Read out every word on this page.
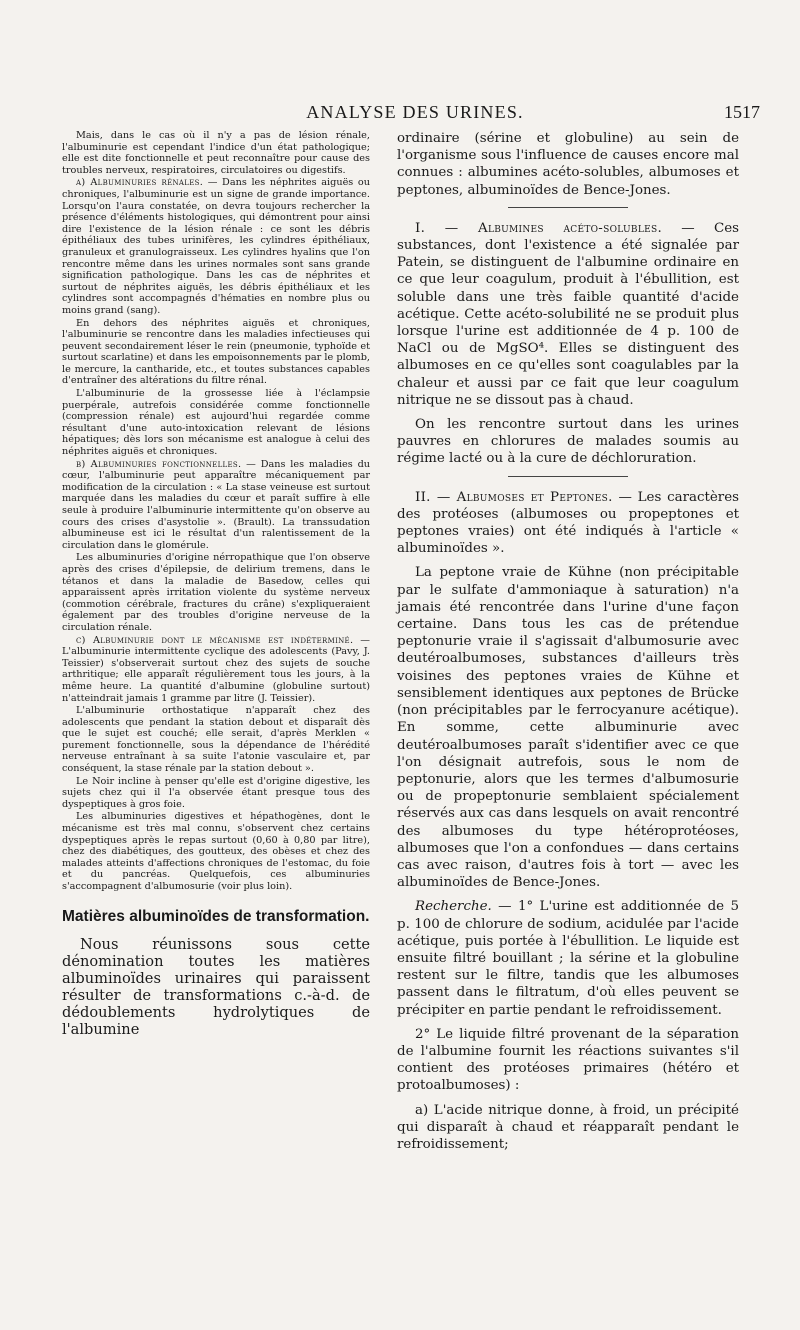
ANALYSE DES URINES.	1517

Mais, dans le cas où il n'y a pas de lésion rénale, l'albuminurie est cependant l'indice d'un état pathologique; elle est dite fonctionnelle et peut reconnaître pour cause des troubles nerveux, respiratoires, circulatoires ou digestifs.

a) Albuminuries rénales. — Dans les néphrites aiguës ou chroniques, l'albuminurie est un signe de grande importance. Lorsqu'on l'aura constatée, on devra toujours rechercher la présence d'éléments histologiques, qui démontrent pour ainsi dire l'existence de la lésion rénale : ce sont les débris épithéliaux des tubes urinifères, les cylindres épithéliaux, granuleux et granulograisseux. Les cylindres hyalins que l'on rencontre même dans les urines normales sont sans grande signification pathologique. Dans les cas de néphrites et surtout de néphrites aiguës, les débris épithéliaux et les cylindres sont accompagnés d'hématies en nombre plus ou moins grand (sang).

En dehors des néphrites aiguës et chroniques, l'albuminurie se rencontre dans les maladies infectieuses qui peuvent secondairement léser le rein (pneumonie, typhoïde et surtout scarlatine) et dans les empoisonnements par le plomb, le mercure, la cantharide, etc., et toutes substances capables d'entraîner des altérations du filtre rénal.

L'albuminurie de la grossesse liée à l'éclampsie puerpérale, autrefois considérée comme fonctionnelle (compression rénale) est aujourd'hui regardée comme résultant d'une auto-intoxication relevant de lésions hépatiques; dès lors son mécanisme est analogue à celui des néphrites aiguës et chroniques.

b) Albuminuries fonctionnelles. — Dans les maladies du cœur, l'albuminurie peut apparaître mécaniquement par modification de la circulation : « La stase veineuse est surtout marquée dans les maladies du cœur et paraît suffire à elle seule à produire l'albuminurie intermittente qu'on observe au cours des crises d'asystolie ». (Brault). La transsudation albumineuse est ici le résultat d'un ralentissement de la circulation dans le glomérule.

Les albuminuries d'origine nérropathique que l'on observe après des crises d'épilepsie, de delirium tremens, dans le tétanos et dans la maladie de Basedow, celles qui apparaissent après irritation violente du système nerveux (commotion cérébrale, fractures du crâne) s'expliqueraient également par des troubles d'origine nerveuse de la circulation rénale.

c) Albuminurie dont le mécanisme est indéterminé. — L'albuminurie intermittente cyclique des adolescents (Pavy, J. Teissier) s'observerait surtout chez des sujets de souche arthritique; elle apparaît régulièrement tous les jours, à la même heure. La quantité d'albumine (globuline surtout) n'atteindrait jamais 1 gramme par litre (J. Teissier).

L'albuminurie orthostatique n'apparaît chez des adolescents que pendant la station debout et disparaît dès que le sujet est couché; elle serait, d'après Merklen « purement fonctionnelle, sous la dépendance de l'hérédité nerveuse entraînant à sa suite l'atonie vasculaire et, par conséquent, la stase rénale par la station debout ».

Le Noir incline à penser qu'elle est d'origine digestive, les sujets chez qui il l'a observée étant presque tous des dyspeptiques à gros foie.

Les albuminuries digestives et hépathogènes, dont le mécanisme est très mal connu, s'observent chez certains dyspeptiques après le repas surtout (0,60 à 0,80 par litre), chez des diabétiques, des goutteux, des obèses et chez des malades atteints d'affections chroniques de l'estomac, du foie et du pancréas. Quelquefois, ces albuminuries s'accompagnent d'albumosurie (voir plus loin).

Matières albuminoïdes de transformation.

Nous réunissons sous cette dénomination toutes les matières albuminoïdes urinaires qui paraissent résulter de transformations c.-à-d. de dédoublements hydrolytiques de l'albumine

ordinaire (sérine et globuline) au sein de l'organisme sous l'influence de causes encore mal connues : albumines acéto-solubles, albumoses et peptones, albuminoïdes de Bence-Jones.

I. — Albumines acéto-solubles. — Ces substances, dont l'existence a été signalée par Patein, se distinguent de l'albumine ordinaire en ce que leur coagulum, produit à l'ébullition, est soluble dans une très faible quantité d'acide acétique. Cette acéto-solubilité ne se produit plus lorsque l'urine est additionnée de 4 p. 100 de NaCl ou de MgSO⁴. Elles se distinguent des albumoses en ce qu'elles sont coagulables par la chaleur et aussi par ce fait que leur coagulum nitrique ne se dissout pas à chaud.

On les rencontre surtout dans les urines pauvres en chlorures de malades soumis au régime lacté ou à la cure de déchloruration.

II. — Albumoses et Peptones. — Les caractères des protéoses (albumoses ou propeptones et peptones vraies) ont été indiqués à l'article « albuminoïdes ».

La peptone vraie de Kühne (non précipitable par le sulfate d'ammoniaque à saturation) n'a jamais été rencontrée dans l'urine d'une façon certaine. Dans tous les cas de prétendue peptonurie vraie il s'agissait d'albumosurie avec deutéroalbumoses, substances d'ailleurs très voisines des peptones vraies de Kühne et sensiblement identiques aux peptones de Brücke (non précipitables par le ferrocyanure acétique). En somme, cette albuminurie avec deutéroalbumoses paraît s'identifier avec ce que l'on désignait autrefois, sous le nom de peptonurie, alors que les termes d'albumosurie ou de propeptonurie semblaient spécialement réservés aux cas dans lesquels on avait rencontré des albumoses du type hétéroprotéoses, albumoses que l'on a confondues — dans certains cas avec raison, d'autres fois à tort — avec les albuminoïdes de Bence-Jones.

Recherche. — 1° L'urine est additionnée de 5 p. 100 de chlorure de sodium, acidulée par l'acide acétique, puis portée à l'ébullition. Le liquide est ensuite filtré bouillant ; la sérine et la globuline restent sur le filtre, tandis que les albumoses passent dans le filtratum, d'où elles peuvent se précipiter en partie pendant le refroidissement.

2° Le liquide filtré provenant de la séparation de l'albumine fournit les réactions suivantes s'il contient des protéoses primaires (hétéro et protoalbumoses) :

a) L'acide nitrique donne, à froid, un précipité qui disparaît à chaud et réapparaît pendant le refroidissement;
